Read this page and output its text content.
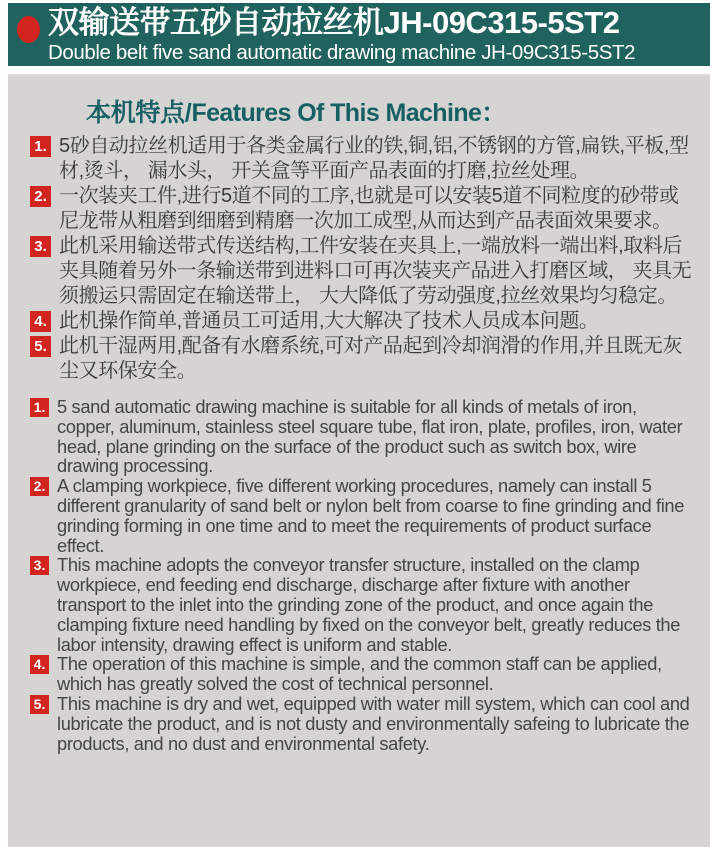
双输送带五砂自动拉丝机JH-09C315-5ST2
Double belt five sand automatic drawing machine JH-09C315-5ST2
本机特点/Features Of This Machine：
1. 5砂自动拉丝机适用于各类金属行业的铁,铜,铝,不锈钢的方管,扁铁,平板,型材,烫斗， 漏水头， 开关盒等平面产品表面的打磨,拉丝处理。

2. 一次装夹工件,进行5道不同的工序,也就是可以安装5道不同粒度的砂带或尼龙带从粗磨到细磨到精磨一次加工成型,从而达到产品表面效果要求。

3. 此机采用输送带式传送结构,工件安装在夹具上,一端放料一端出料,取料后夹具随着另外一条输送带到进料口可再次装夹产品进入打磨区域， 夹具无须搬运只需固定在输送带上， 大大降低了劳动强度,拉丝效果均匀稳定。

4. 此机操作简单,普通员工可适用,大大解决了技术人员成本问题。

5. 此机干湿两用,配备有水磨系统,可对产品起到冷却润滑的作用,并且既无灰尘又环保安全。

1. 5 sand automatic drawing machine is suitable for all kinds of metals of iron, copper, aluminum, stainless steel square tube, flat iron, plate, profiles, iron, water head, plane grinding on the surface of the product such as switch box, wire drawing processing.

2. A clamping workpiece, five different working procedures, namely can install 5 different granularity of sand belt or nylon belt from coarse to fine grinding and fine grinding forming in one time and to meet the requirements of product surface effect.

3. This machine adopts the conveyor transfer structure, installed on the clamp workpiece, end feeding end discharge, discharge after fixture with another transport to the inlet into the grinding zone of the product, and once again the clamping fixture need handling by fixed on the conveyor belt, greatly reduces the labor intensity, drawing effect is uniform and stable.

4. The operation of this machine is simple, and the common staff can be applied, which has greatly solved the cost of technical personnel.

5. This machine is dry and wet, equipped with water mill system, which can cool and lubricate the product, and is not dusty and environmentally safeing to lubricate the products, and no dust and environmental safety.
